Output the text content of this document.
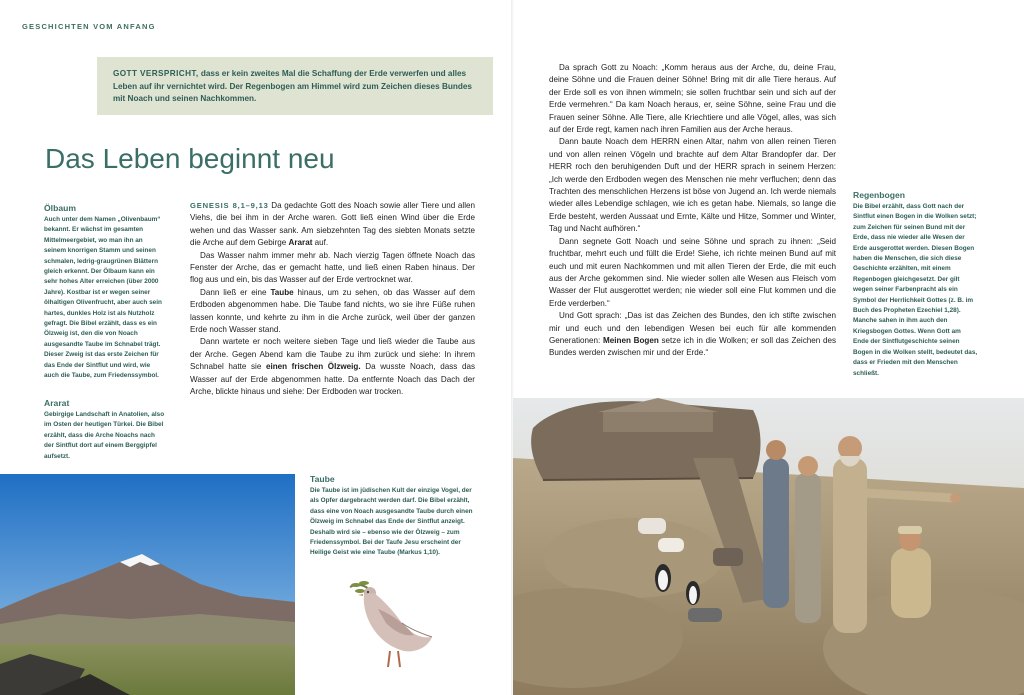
GESCHICHTEN VOM ANFANG
GOTT VERSPRICHT, dass er kein zweites Mal die Schaffung der Erde verwerfen und alles Leben auf ihr vernichtet wird. Der Regenbogen am Himmel wird zum Zeichen dieses Bundes mit Noach und seinen Nachkommen.
Das Leben beginnt neu
Ölbaum
Auch unter dem Namen „Olivenbaum“ bekannt. Er wächst im gesamten Mittelmeergebiet, wo man ihn an seinem knorrigen Stamm und seinen schmalen, ledrig-graugrünen Blättern gleich erkennt. Der Ölbaum kann ein sehr hohes Alter erreichen (über 2000 Jahre). Kostbar ist er wegen seiner ölhaltigen Olivenfrucht, aber auch sein hartes, dunkles Holz ist als Nutzholz gefragt. Die Bibel erzählt, dass es ein Ölzweig ist, den die von Noach ausgesandte Taube im Schnabel trägt. Dieser Zweig ist das erste Zeichen für das Ende der Sintflut und wird, wie auch die Taube, zum Friedenssymbol.
Ararat
Gebirgige Landschaft in Anatolien, also im Osten der heutigen Türkei. Die Bibel erzählt, dass die Arche Noachs nach der Sintflut dort auf einem Berggipfel aufsetzt.

GENESIS 8,1–9,13 Da gedachte Gott des Noach sowie aller Tiere und allen Viehs, die bei ihm in der Arche waren. Gott ließ einen Wind über die Erde wehen und das Wasser sank. Am siebzehnten Tag des siebten Monats setzte die Arche auf dem Gebirge Ararat auf.

Das Wasser nahm immer mehr ab. Nach vierzig Tagen öffnete Noach das Fenster der Arche, das er gemacht hatte, und ließ einen Raben hinaus. Der flog aus und ein, bis das Wasser auf der Erde vertrocknet war.

Dann ließ er eine Taube hinaus, um zu sehen, ob das Wasser auf dem Erdboden abgenommen habe. Die Taube fand nichts, wo sie ihre Füße ruhen lassen konnte, und kehrte zu ihm in die Arche zurück, weil über der ganzen Erde noch Wasser stand.

Dann wartete er noch weitere sieben Tage und ließ wieder die Taube aus der Arche. Gegen Abend kam die Taube zu ihm zurück und siehe: In ihrem Schnabel hatte sie einen frischen Ölzweig. Da wusste Noach, dass das Wasser auf der Erde abgenommen hatte. Da entfernte Noach das Dach der Arche, blickte hinaus und siehe: Der Erdboden war trocken.

Taube
Die Taube ist im jüdischen Kult der einzige Vogel, der als Opfer dargebracht werden darf. Die Bibel erzählt, dass eine von Noach ausgesandte Taube durch einen Ölzweig im Schnabel das Ende der Sintflut anzeigt. Deshalb wird sie – ebenso wie der Ölzweig – zum Friedenssymbol. Bei der Taufe Jesu erscheint der Heilige Geist wie eine Taube (Markus 1,10).

Da sprach Gott zu Noach: „Komm heraus aus der Arche, du, deine Frau, deine Söhne und die Frauen deiner Söhne! Bring mit dir alle Tiere heraus. Auf der Erde soll es von ihnen wimmeln; sie sollen fruchtbar sein und sich auf der Erde vermehren.“ Da kam Noach heraus, er, seine Söhne, seine Frau und die Frauen seiner Söhne. Alle Tiere, alle Kriechtiere und alle Vögel, alles, was sich auf der Erde regt, kamen nach ihren Familien aus der Arche heraus.

Dann baute Noach dem HERRN einen Altar, nahm von allen reinen Tieren und von allen reinen Vögeln und brachte auf dem Altar Brandopfer dar. Der HERR roch den beruhigenden Duft und der HERR sprach in seinem Herzen: „Ich werde den Erdboden wegen des Menschen nie mehr verfluchen; denn das Trachten des menschlichen Herzens ist böse von Jugend an. Ich werde niemals wieder alles Lebendige schlagen, wie ich es getan habe. Niemals, so lange die Erde besteht, werden Aussaat und Ernte, Kälte und Hitze, Sommer und Winter, Tag und Nacht aufhören.“

Dann segnete Gott Noach und seine Söhne und sprach zu ihnen: „Seid fruchtbar, mehrt euch und füllt die Erde! Siehe, ich richte meinen Bund auf mit euch und mit euren Nachkommen und mit allen Tieren der Erde, die mit euch aus der Arche gekommen sind. Nie wieder sollen alle Wesen aus Fleisch vom Wasser der Flut ausgerottet werden; nie wieder soll eine Flut kommen und die Erde verderben.“

Und Gott sprach: „Das ist das Zeichen des Bundes, den ich stifte zwischen mir und euch und den lebendigen Wesen bei euch für alle kommenden Generationen: Meinen Bogen setze ich in die Wolken; er soll das Zeichen des Bundes werden zwischen mir und der Erde.“

Regenbogen
Die Bibel erzählt, dass Gott nach der Sintflut einen Bogen in die Wolken setzt; zum Zeichen für seinen Bund mit der Erde, dass nie wieder alle Wesen der Erde ausgerottet werden. Diesen Bogen haben die Menschen, die sich diese Geschichte erzählten, mit einem Regenbogen gleichgesetzt. Der gilt wegen seiner Farbenpracht als ein Symbol der Herrlichkeit Gottes (z. B. im Buch des Propheten Ezechiel 1,28). Manche sahen in ihm auch den Kriegsbogen Gottes. Wenn Gott am Ende der Sintflutgeschichte seinen Bogen in die Wolken stellt, bedeutet das, dass er Frieden mit den Menschen schließt.
